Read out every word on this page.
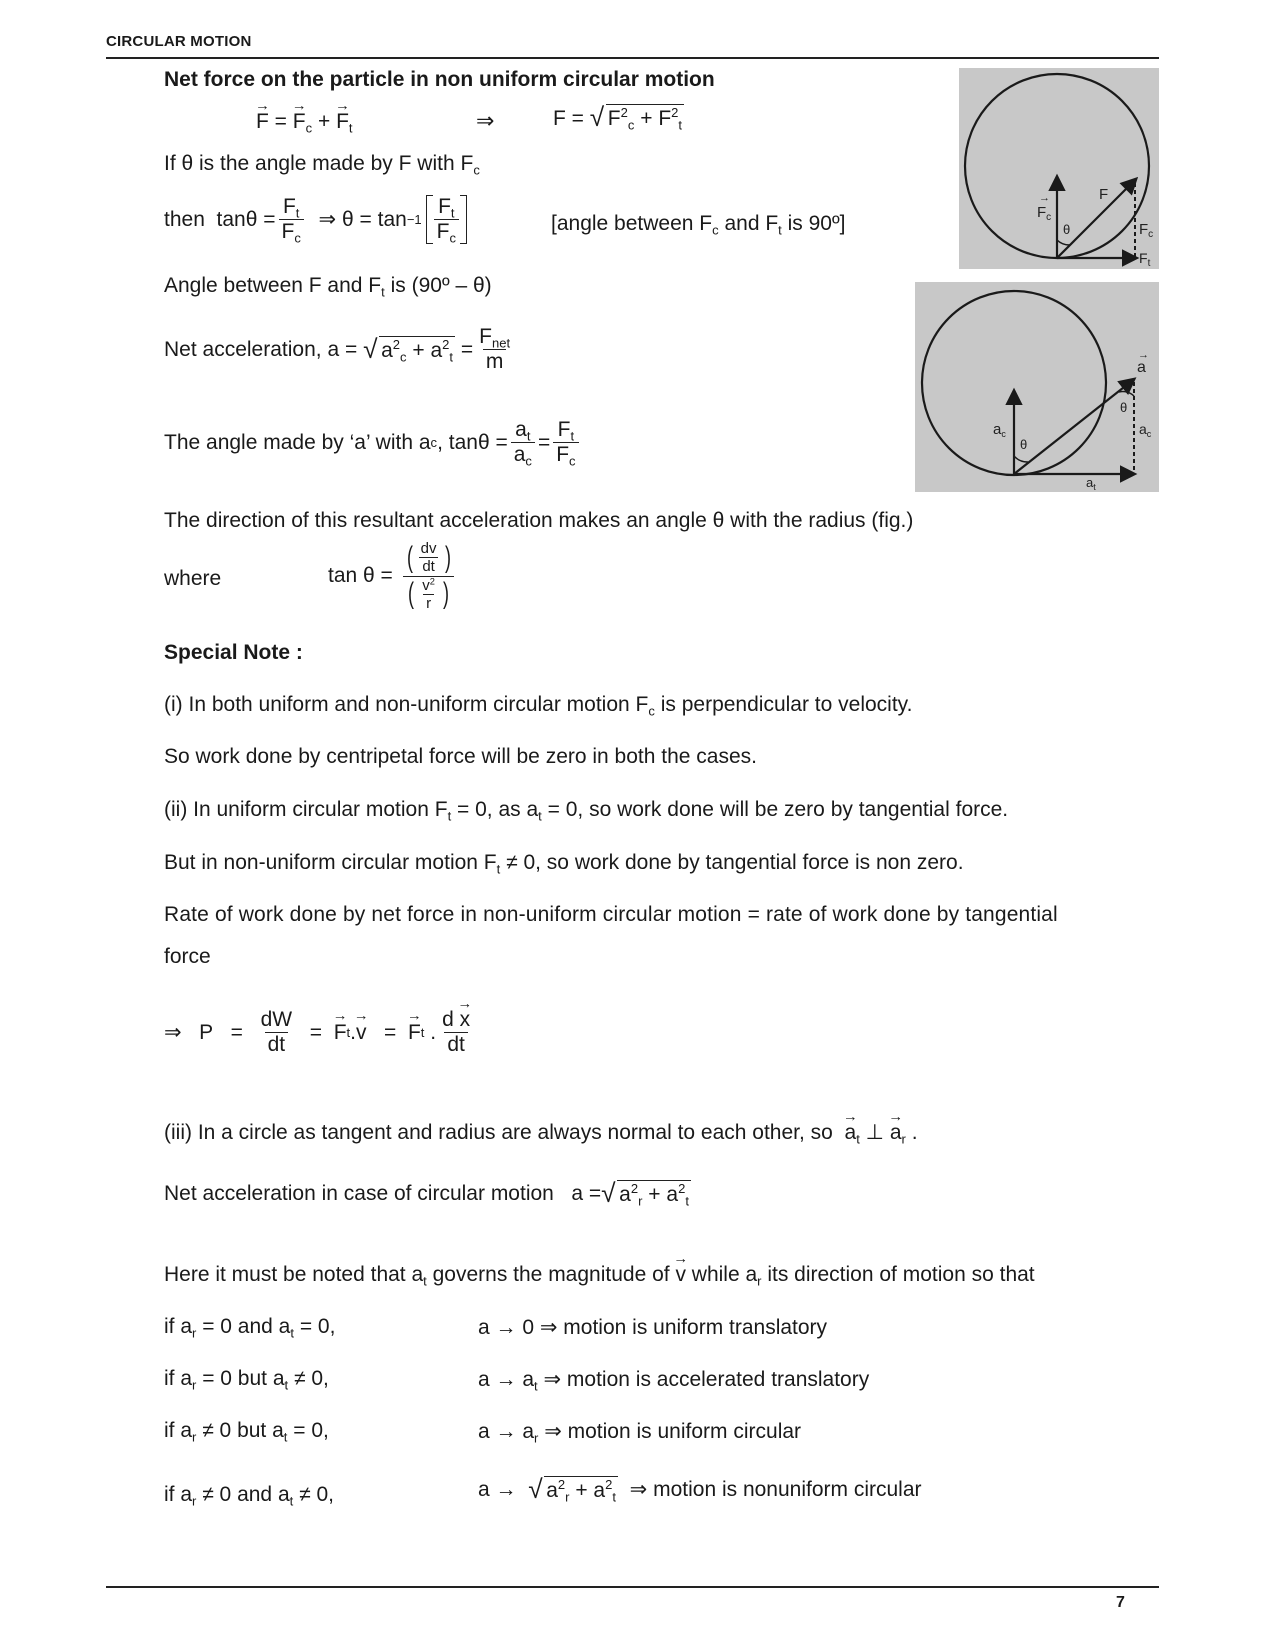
CIRCULAR MOTION
Net force on the particle in non uniform circular motion
→ F = → $F_c$ + → $F_t$	⇒	F = √ $F^2_c + F^2_t$
If θ is the angle made by F with $F_c$
then
$\tan\theta = \frac{F_t}{F_c}$
⇒
$\theta = \tan -1 \frac{F_t}{F_c}$	[angle between $F_c$ and $F_t$ is 90º]
Angle between F and $F_t$ is (90º – θ)
Net acceleration,
a =
√ $a^2_c + a^2_t$
= $\frac{F_{net}}{m}$
The angle made by ‘a’ with a c ,
$\tan\theta = \frac{a_t}{a_c} = \frac{F_t}{F_c}$
The direction of this resultant acceleration makes an angle θ with the radius (fig.)
where	tan θ =
$\frac{( \frac{dv}{dt} )}{( \frac{v^2}{r} )}$
$F_c$
→
θ
F
$F_c$
$F_t$
$a_c$
θ
a
→
θ
$a_c$
$a_t$
Special Note :
(i) In both uniform and non-uniform circular motion $F_c$ is perpendicular to velocity.
So work done by centripetal force will be zero in both the cases.
(ii) In uniform circular motion $F_t = 0$, as $a_t = 0$, so work done will be zero by tangential force.
But in non-uniform circular motion $F_t \ne 0$, so work done by tangential force is non zero.
Rate of work done by net force in non-uniform circular motion = rate of work done by tangential
force
⇒
P
=
$\frac{dW}{dt}$
=
→ F t . → v
=
→ F t
. $\frac{d \to x}{dt}$
(iii) In a circle as tangent and radius are always normal to each other, so → $a_t$ ⊥ → $a_r$ .
Net acceleration in case of circular motion
a = √ $a^2_r + a^2_t$
Here it must be noted that $a_t$ governs the magnitude of → v while $a_r$ its direction of motion so that
if $a_r = 0$ and $a_t = 0$,	a → 0 ⇒ motion is uniform translatory
if $a_r = 0$ but $a_t \ne 0$,	$a \to a_t$ ⇒ motion is accelerated translatory
if $a_r \ne 0$ but $a_t = 0$,	$a \to a_r$ ⇒ motion is uniform circular
if $a_r \ne 0$ and $a_t \ne 0$,	a →
√ $a^2_r + a^2_t$
⇒ motion is nonuniform circular
7
